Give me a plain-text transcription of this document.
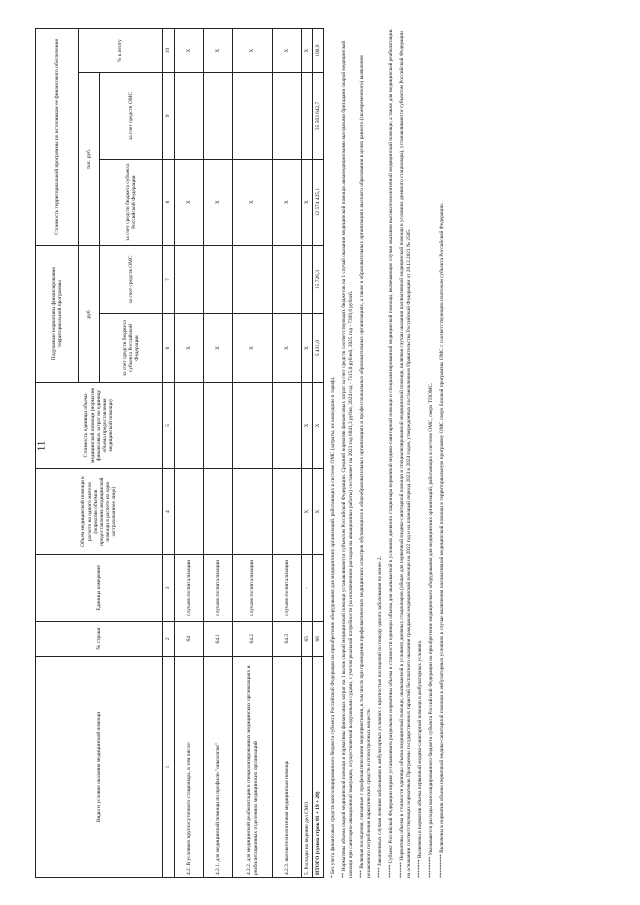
11
Виды и условия оказания медицинской помощи	№ строки	Единица измерения	Объем медицинской помощи в расчете на одного жителя (норматив объемов предоставления медицинской помощи в расчете на одно застрахованное лицо)	Стоимость единицы объема медицинской помощи (норматив финансовых затрат на единицу объема предоставления медицинской помощи)	Подушевые нормативы финансирования территориальной программы		Стоимость территориальной программы по источникам ее финансового обеспечения		
					руб.		тыс. руб.		% к итогу
					за счет средств бюджета субъекта Российской Федерации	за счет средств ОМС	за счет средств бюджета субъекта Российской Федерации	за счет средств ОМС	
1	2	3	4	5	6	7	8	9	10
4.2. В условиях круглосуточного стационара, в том числе:	64	случаев госпитализации			X		X		X
4.2.1. для медицинской помощи по профилю "онкология"	64.1	случаев госпитализации			X		X		X
4.2.2. для медицинской реабилитации в специализированных медицинских организациях и реабилитационных отделениях медицинских организаций	64.2	случаев госпитализации			X		X		X
4.2.3. высокотехнологичная медицинская помощь	64.3	случаев госпитализации			X		X		X
5. Расходы на ведение дел СМО	65	-	X	X	X		X		X
ИТОГО (сумма строк 01 + 19 + 20)	66		X	X	5 431,0	15 726,3	12 574 425,1	35 563 642,7	100,0

* Без учета финансовых средств консолидированного бюджета субъекта Российской Федерации на приобретение оборудования для медицинских организаций, работающих в системе ОМС (затраты, не вошедшие в тариф). ** Нормативы объема скорой медицинской помощи и нормативы финансовых затрат на 1 вызов скорой медицинской помощи устанавливаются субъектом Российской Федерации. Средний норматив финансовых затрат за счет средств соответствующих бюджетов на 1 случай оказания медицинской помощи авиамедицинскими выездными бригадами скорой медицинской помощи при санитарно-авиационной эвакуации, осуществляемой воздушными судами, с учетом реальной потребности (за исключением расходов на авиационные работы) составляет на 2023 год 6841,3 рубля, 2024 год - 7115,0 рублей, 2025 год - 7399,6 рублей. *** Включая посещения, связанные с профилактическими мероприятиями, в том числе при проведении профилактических медицинских осмотров обучающихся в общеобразовательных организациях и профессиональных образовательных организациях, а также в образовательных организациях высшего образования в целях раннего (своевременного) выявления незаконного потребления наркотических средств и психотропных веществ. **** Законченных случаев лечения заболевания в амбулаторных условиях с кратностью посещений по поводу одного заболевания не менее 2. ***** Субъект Российской Федерации вправе устанавливать раздельные нормативы объема и стоимости единицы объема для оказываемой в условиях дневного стационара первичной медико-санитарной помощи и специализированной медицинской помощи, включающие случаи оказания высокотехнологичной медицинской помощи, а также для медицинской реабилитации. ****** Нормативы объема и стоимости единицы объема медицинской помощи, оказываемой в условиях дневных стационаров (общие для первичной медико-санитарной помощи и специализированной медицинской помощи, включая случаи оказания паллиативной медицинской помощи в условиях дневного стационара), устанавливаются субъектом Российской Федерации на основании соответствующих нормативов Программы государственных гарантий бесплатного оказания гражданам медицинской помощи на 2022 год и на плановый период 2023 и 2024 годов, утвержденных постановлением Правительства Российской Федерации от 28.12.2021 № 2505. ******* Включены в норматив объема первичной медико-санитарной помощи в амбулаторных условиях. ******** Указываются расходы консолидированного бюджета субъекта Российской Федерации на приобретение медицинского оборудования для медицинских организаций, работающих в системе ОМС, сверх ТПОМС. ********* Включены в норматив объема первичной медико-санитарной помощи в амбулаторных условиях в случае включения паллиативной медицинской помощи в территориальную программу ОМС сверх базовой программы ОМС с соответствующим платежом субъекта Российской Федерации.
